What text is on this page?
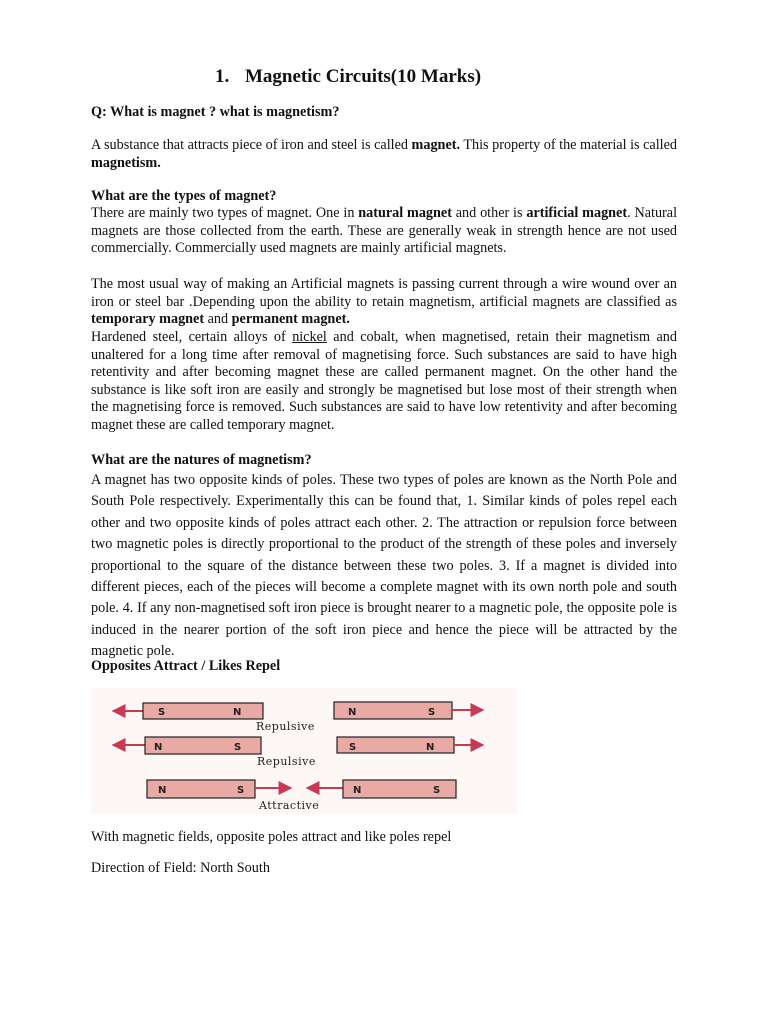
1. Magnetic Circuits(10 Marks)

Q: What is magnet ? what is magnetism?

A substance that attracts piece of iron and steel is called magnet. This property of the material is called magnetism.

What are the types of magnet?

There are mainly two types of magnet. One in natural magnet and other is artificial magnet. Natural magnets are those collected from the earth. These are generally weak in strength hence are not used commercially. Commercially used magnets are mainly artificial magnets.

The most usual way of making an Artificial magnets is passing current through a wire wound over an iron or steel bar .Depending upon the ability to retain magnetism, artificial magnets are classified as temporary magnet and permanent magnet.

Hardened steel, certain alloys of nickel and cobalt, when magnetised, retain their magnetism and unaltered for a long time after removal of magnetising force. Such substances are said to have high retentivity and after becoming magnet these are called permanent magnet. On the other hand the substance is like soft iron are easily and strongly be magnetised but lose most of their strength when the magnetising force is removed. Such substances are said to have low retentivity and after becoming magnet these are called temporary magnet.

What are the natures of magnetism?

A magnet has two opposite kinds of poles. These two types of poles are known as the North Pole and South Pole respectively. Experimentally this can be found that, 1. Similar kinds of poles repel each other and two opposite kinds of poles attract each other. 2. The attraction or repulsion force between two magnetic poles is directly proportional to the product of the strength of these poles and inversely proportional to the square of the distance between these two poles. 3. If a magnet is divided into different pieces, each of the pieces will become a complete magnet with its own north pole and south pole. 4. If any non-magnetised soft iron piece is brought nearer to a magnetic pole, the opposite pole is induced in the nearer portion of the soft iron piece and hence the piece will be attracted by the magnetic pole.

Opposites Attract / Likes Repel

S	N	N	S
Repulsive
N	S	S	N
Repulsive
N	S	N	S
Attractive

With magnetic fields, opposite poles attract and like poles repel

Direction of Field: North South
